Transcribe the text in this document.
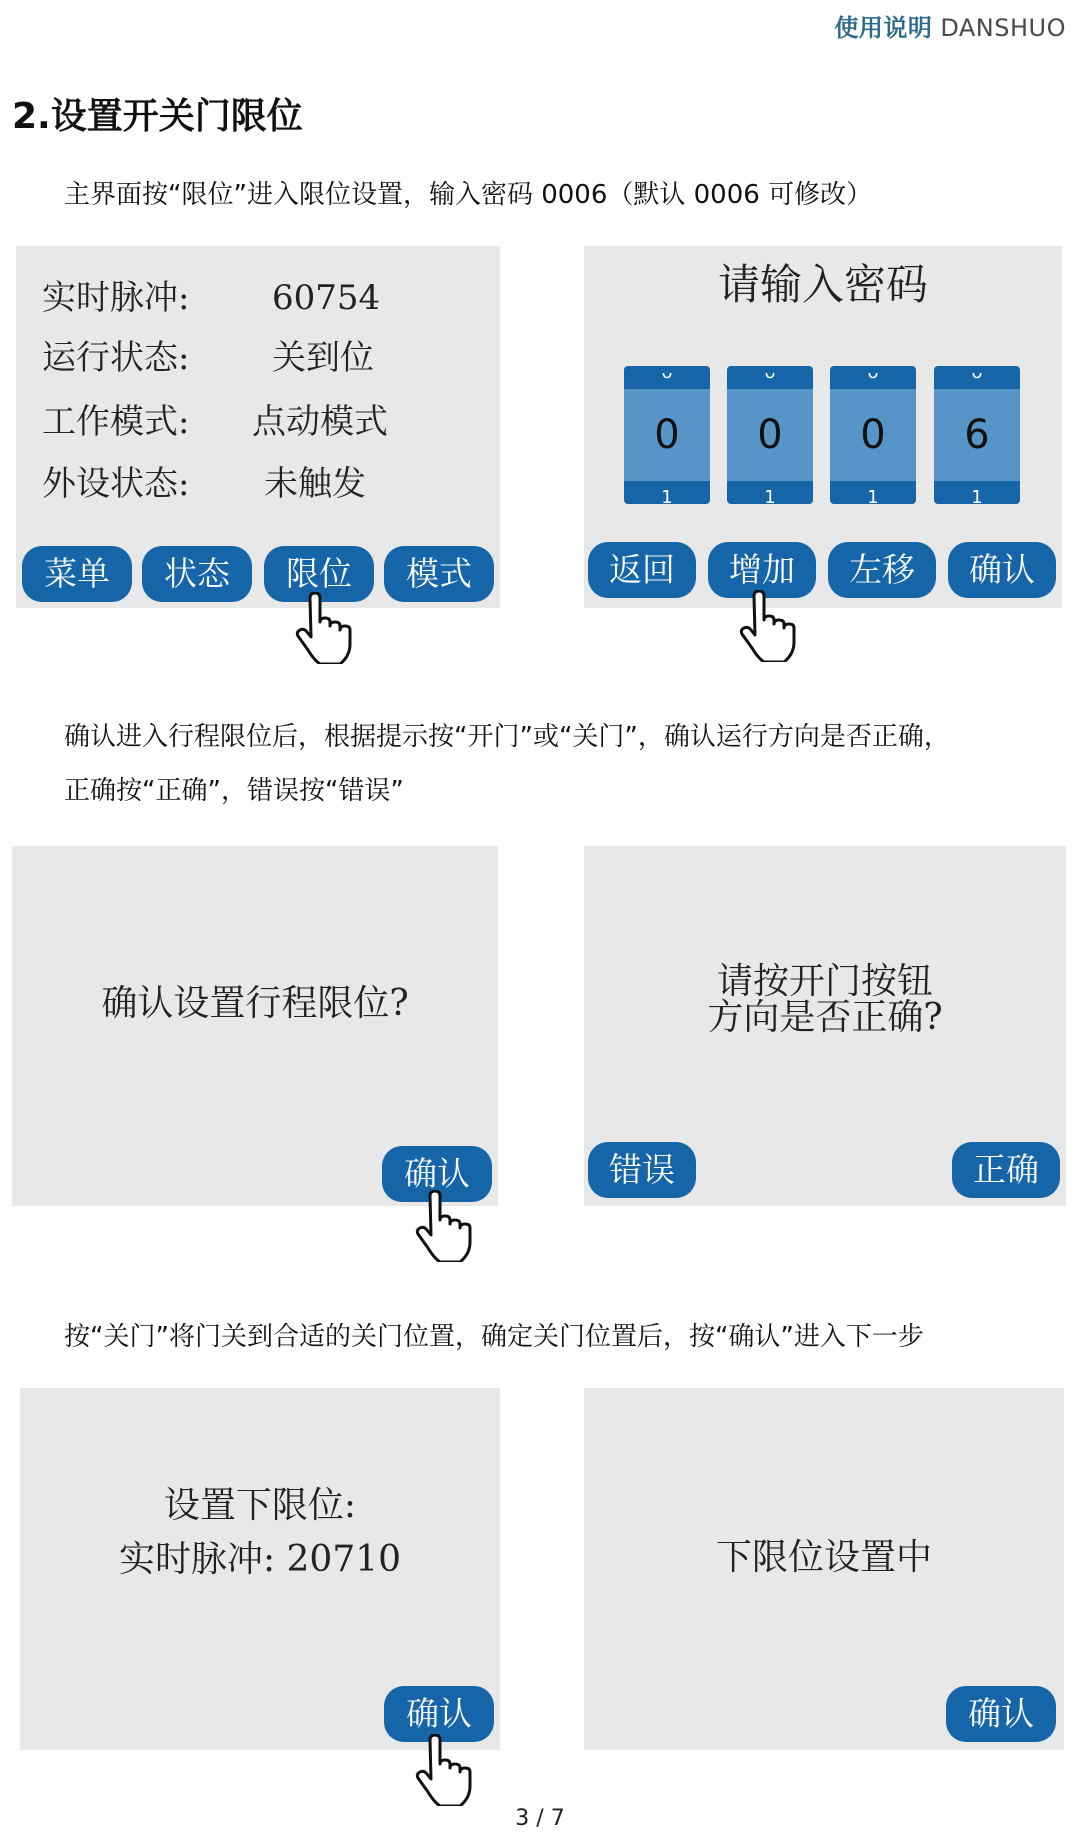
使用说明 DANSHUO
2.设置开关门限位
主界面按“限位”进入限位设置，输入密码 0006（默认 0006 可修改）
实时脉冲: 60754
运行状态: 关到位
工作模式: 点动模式
外设状态: 未触发
菜单	状态	限位	模式
请输入密码
ᴗ
0
1
ᴗ
0
1
ᴗ
0
1
ᴗ
6
1
返回	增加	左移	确认
确认进入行程限位后，根据提示按“开门”或“关门”，确认运行方向是否正确，
正确按“正确”，错误按“错误”
确认设置行程限位?
确认
请按开门按钮
方向是否正确?
错误	正确
按“关门”将门关到合适的关门位置，确定关门位置后，按“确认”进入下一步
设置下限位:
实时脉冲: 20710
确认
下限位设置中
确认
3 / 7
